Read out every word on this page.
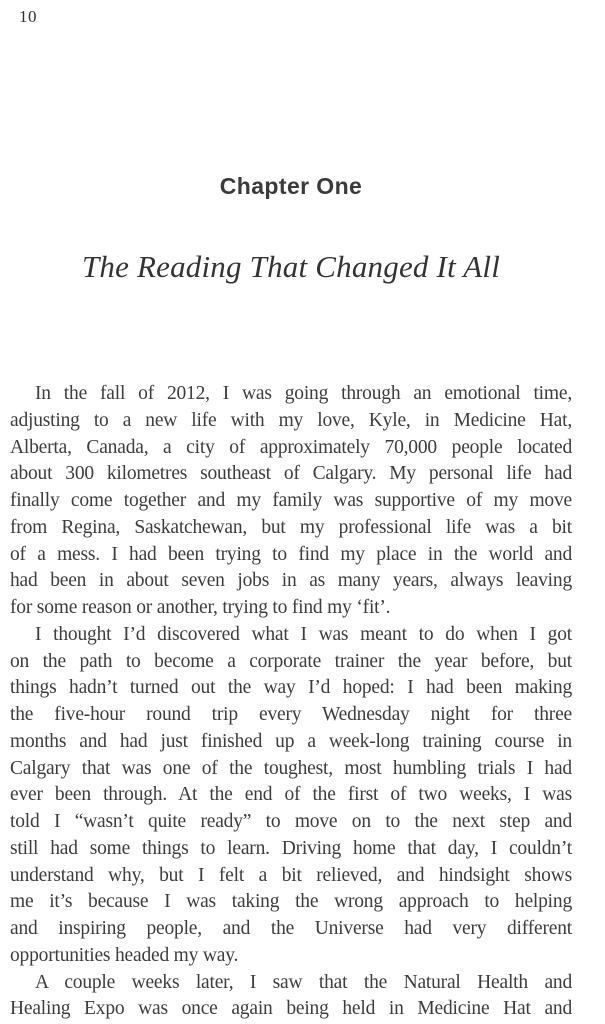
10
Chapter One
The Reading That Changed It All

In the fall of 2012, I was going through an emotional time,
adjusting to a new life with my love, Kyle, in Medicine Hat,
Alberta, Canada, a city of approximately 70,000 people located
about 300 kilometres southeast of Calgary. My personal life had
finally come together and my family was supportive of my move
from Regina, Saskatchewan, but my professional life was a bit
of a mess. I had been trying to find my place in the world and
had been in about seven jobs in as many years, always leaving
for some reason or another, trying to find my ‘fit’.

I thought I’d discovered what I was meant to do when I got
on the path to become a corporate trainer the year before, but
things hadn’t turned out the way I’d hoped: I had been making
the five-hour round trip every Wednesday night for three
months and had just finished up a week-long training course in
Calgary that was one of the toughest, most humbling trials I had
ever been through. At the end of the first of two weeks, I was
told I “wasn’t quite ready” to move on to the next step and
still had some things to learn. Driving home that day, I couldn’t
understand why, but I felt a bit relieved, and hindsight shows
me it’s because I was taking the wrong approach to helping
and inspiring people, and the Universe had very different
opportunities headed my way.

A couple weeks later, I saw that the Natural Health and
Healing Expo was once again being held in Medicine Hat and
